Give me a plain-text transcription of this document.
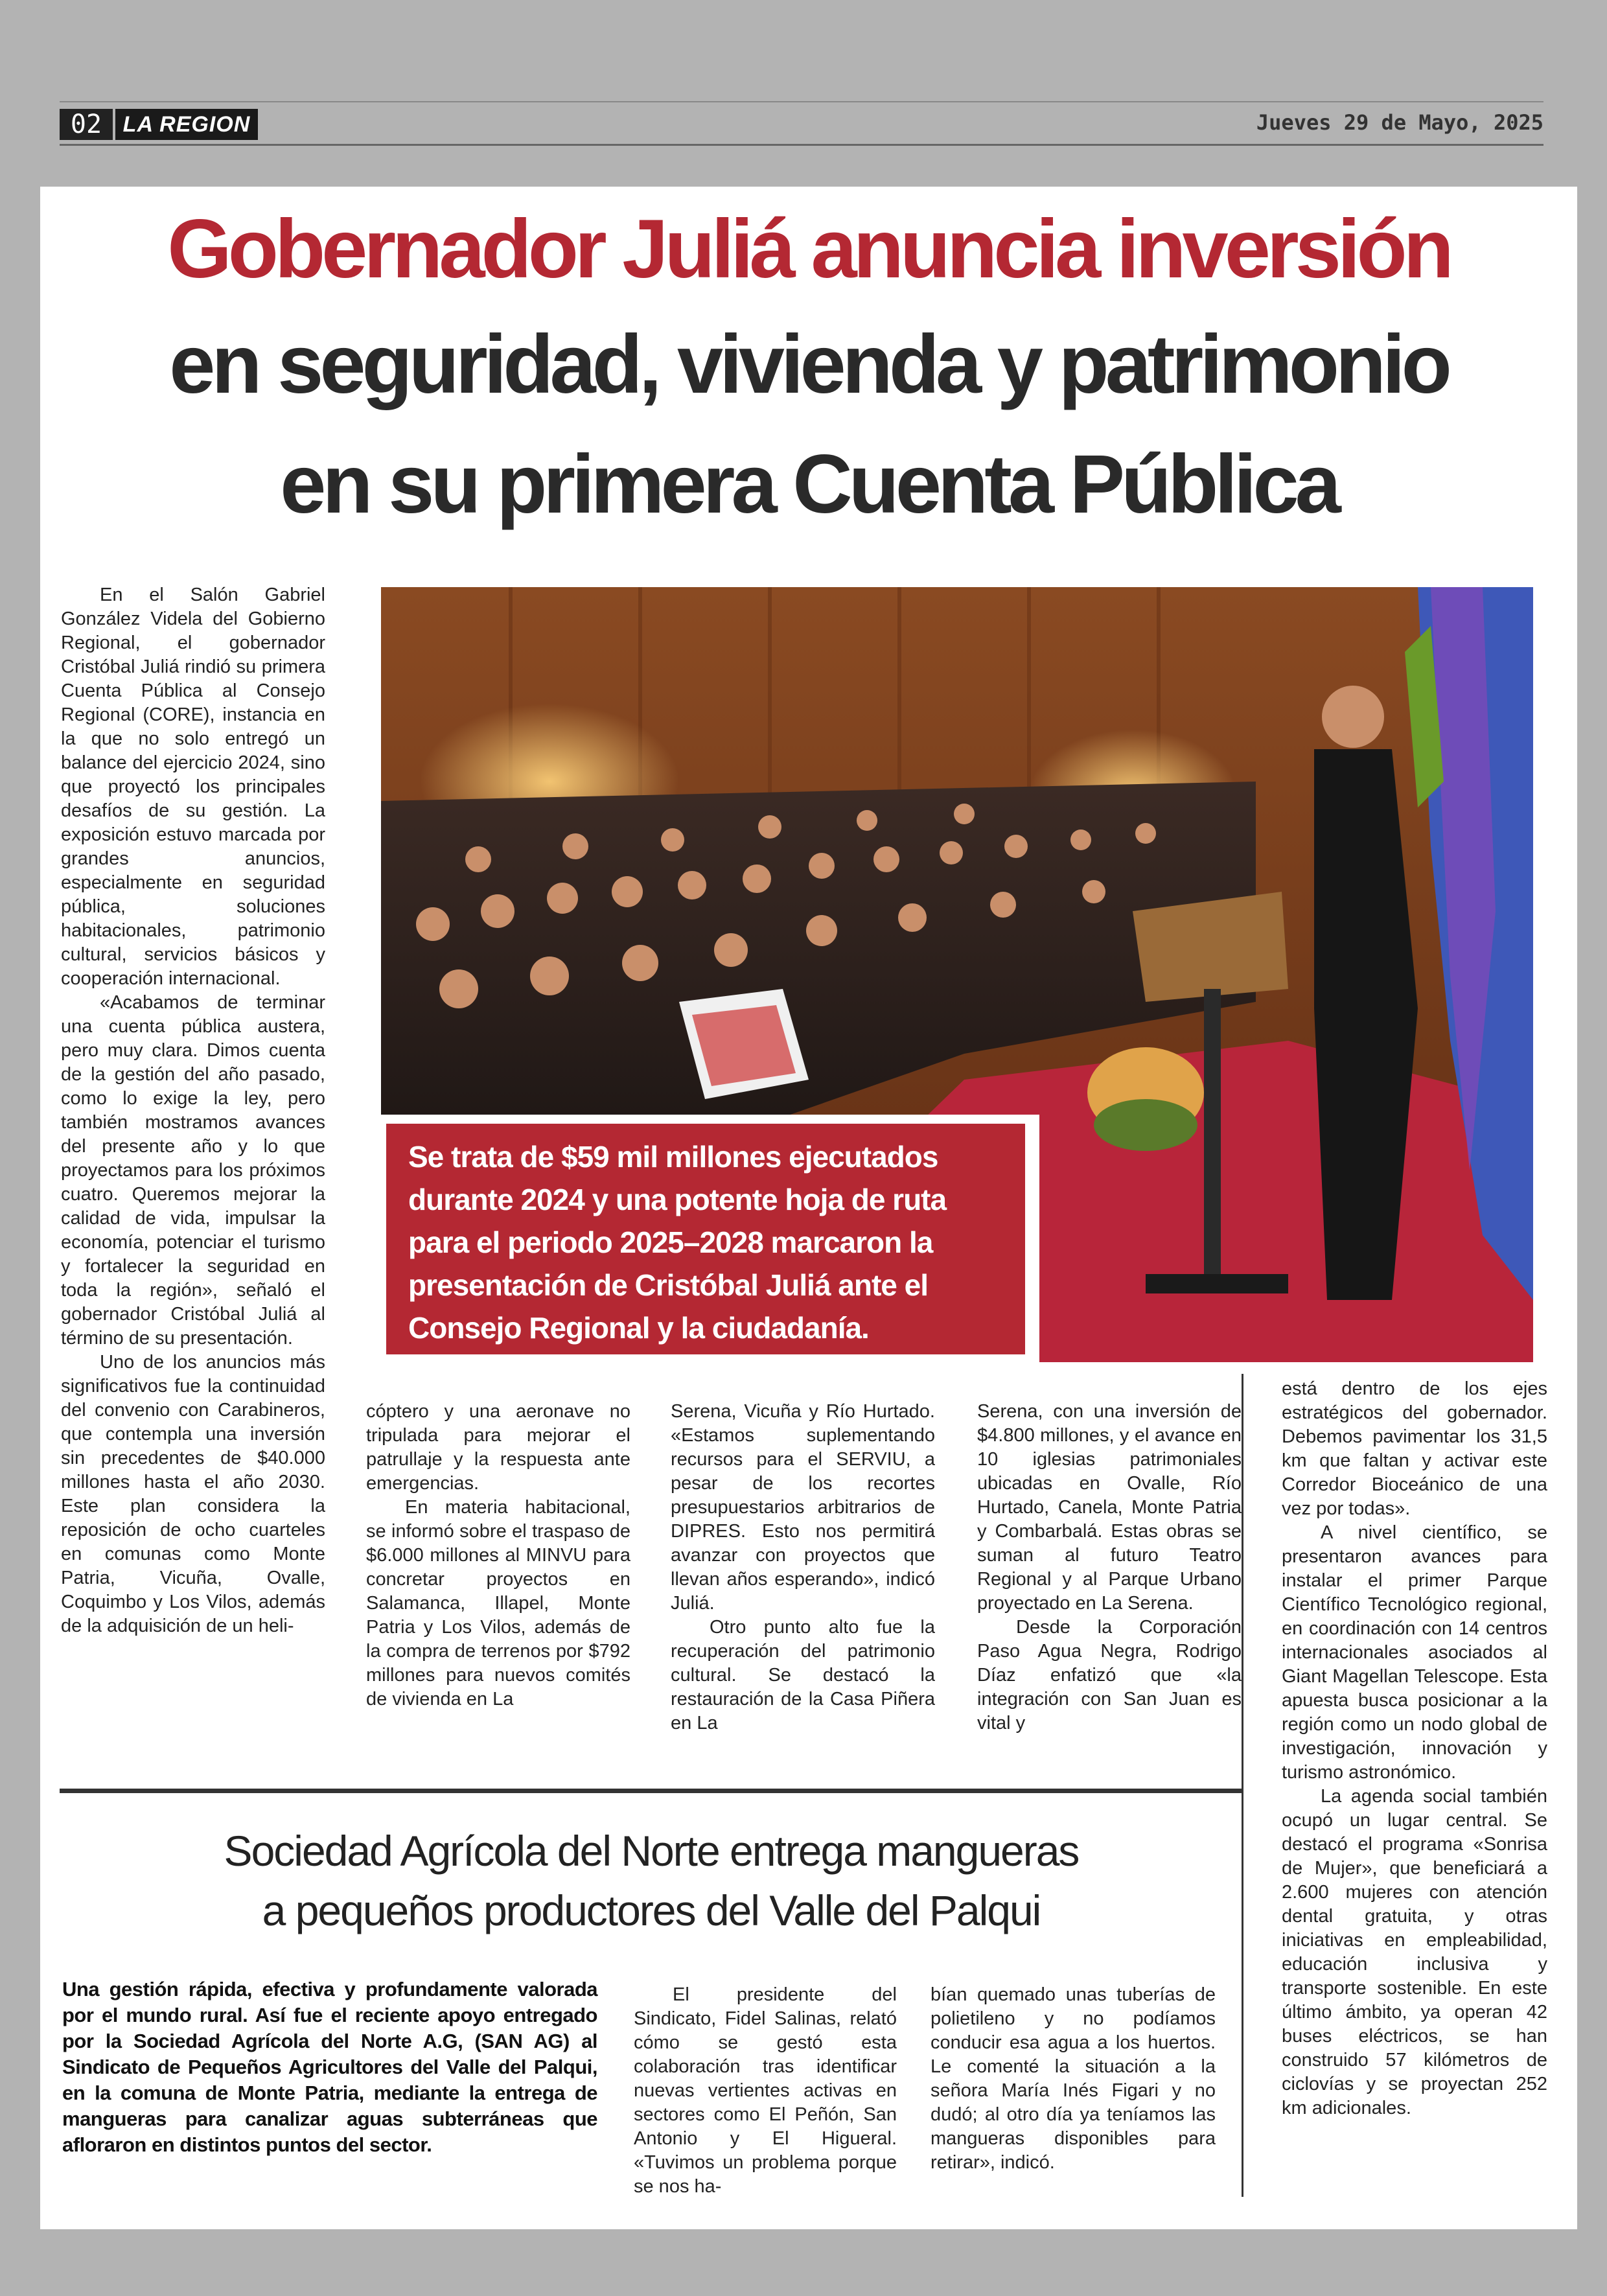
02 LA REGION	Jueves 29 de Mayo, 2025
Gobernador Juliá anuncia inversión
en seguridad, vivienda y patrimonio
en su primera Cuenta Pública

En el Salón Gabriel González Videla del Gobierno Regional, el gobernador Cristóbal Juliá rindió su primera Cuenta Pública al Consejo Regional (CORE), instancia en la que no solo entregó un balance del ejercicio 2024, sino que proyectó los principales desafíos de su gestión. La exposición estuvo marcada por grandes anuncios, especialmente en seguridad pública, soluciones habitacionales, patrimonio cultural, servicios básicos y cooperación internacional.

«Acabamos de terminar una cuenta pública austera, pero muy clara. Dimos cuenta de la gestión del año pasado, como lo exige la ley, pero también mostramos avances del presente año y lo que proyectamos para los próximos cuatro. Queremos mejorar la calidad de vida, impulsar la economía, potenciar el turismo y fortalecer la seguridad en toda la región», señaló el gobernador Cristóbal Juliá al término de su presentación.

Uno de los anuncios más significativos fue la continuidad del convenio con Carabineros, que contempla una inversión sin precedentes de $40.000 millones hasta el año 2030. Este plan considera la reposición de ocho cuarteles en comunas como Monte Patria, Vicuña, Ovalle, Coquimbo y Los Vilos, además de la adquisición de un heli-

Se trata de $59 mil millones ejecutados durante 2024 y una potente hoja de ruta para el periodo 2025–2028 marcaron la presentación de Cristóbal Juliá ante el Consejo Regional y la ciudadanía.

cóptero y una aeronave no tripulada para mejorar el patrullaje y la respuesta ante emergencias.

En materia habitacional, se informó sobre el traspaso de $6.000 millones al MINVU para concretar proyectos en Salamanca, Illapel, Monte Patria y Los Vilos, además de la compra de terrenos por $792 millones para nuevos comités de vivienda en La

Serena, Vicuña y Río Hurtado. «Estamos suplementando recursos para el SERVIU, a pesar de los recortes presupuestarios arbitrarios de DIPRES. Esto nos permitirá avanzar con proyectos que llevan años esperando», indicó Juliá.

Otro punto alto fue la recuperación del patrimonio cultural. Se destacó la restauración de la Casa Piñera en La

Serena, con una inversión de $4.800 millones, y el avance en 10 iglesias patrimoniales ubicadas en Ovalle, Río Hurtado, Canela, Monte Patria y Combarbalá. Estas obras se suman al futuro Teatro Regional y al Parque Urbano proyectado en La Serena.

Desde la Corporación Paso Agua Negra, Rodrigo Díaz enfatizó que «la integración con San Juan es vital y

está dentro de los ejes estratégicos del gobernador. Debemos pavimentar los 31,5 km que faltan y activar este Corredor Bioceánico de una vez por todas».

A nivel científico, se presentaron avances para instalar el primer Parque Científico Tecnológico regional, en coordinación con 14 centros internacionales asociados al Giant Magellan Telescope. Esta apuesta busca posicionar a la región como un nodo global de investigación, innovación y turismo astronómico.

La agenda social también ocupó un lugar central. Se destacó el programa «Sonrisa de Mujer», que beneficiará a 2.600 mujeres con atención dental gratuita, y otras iniciativas en empleabilidad, educación inclusiva y transporte sostenible. En este último ámbito, ya operan 42 buses eléctricos, se han construido 57 kilómetros de ciclovías y se proyectan 252 km adicionales.

Sociedad Agrícola del Norte entrega mangueras
a pequeños productores del Valle del Palqui
Una gestión rápida, efectiva y profundamente valorada por el mundo rural. Así fue el reciente apoyo entregado por la Sociedad Agrícola del Norte A.G, (SAN AG) al Sindicato de Pequeños Agricultores del Valle del Palqui, en la comuna de Monte Patria, mediante la entrega de mangueras para canalizar aguas subterráneas que afloraron en distintos puntos del sector.

El presidente del Sindicato, Fidel Salinas, relató cómo se gestó esta colaboración tras identificar nuevas vertientes activas en sectores como El Peñón, San Antonio y El Higueral. «Tuvimos un problema porque se nos ha-

bían quemado unas tuberías de polietileno y no podíamos conducir esa agua a los huertos. Le comenté la situación a la señora María Inés Figari y no dudó; al otro día ya teníamos las mangueras disponibles para retirar», indicó.
